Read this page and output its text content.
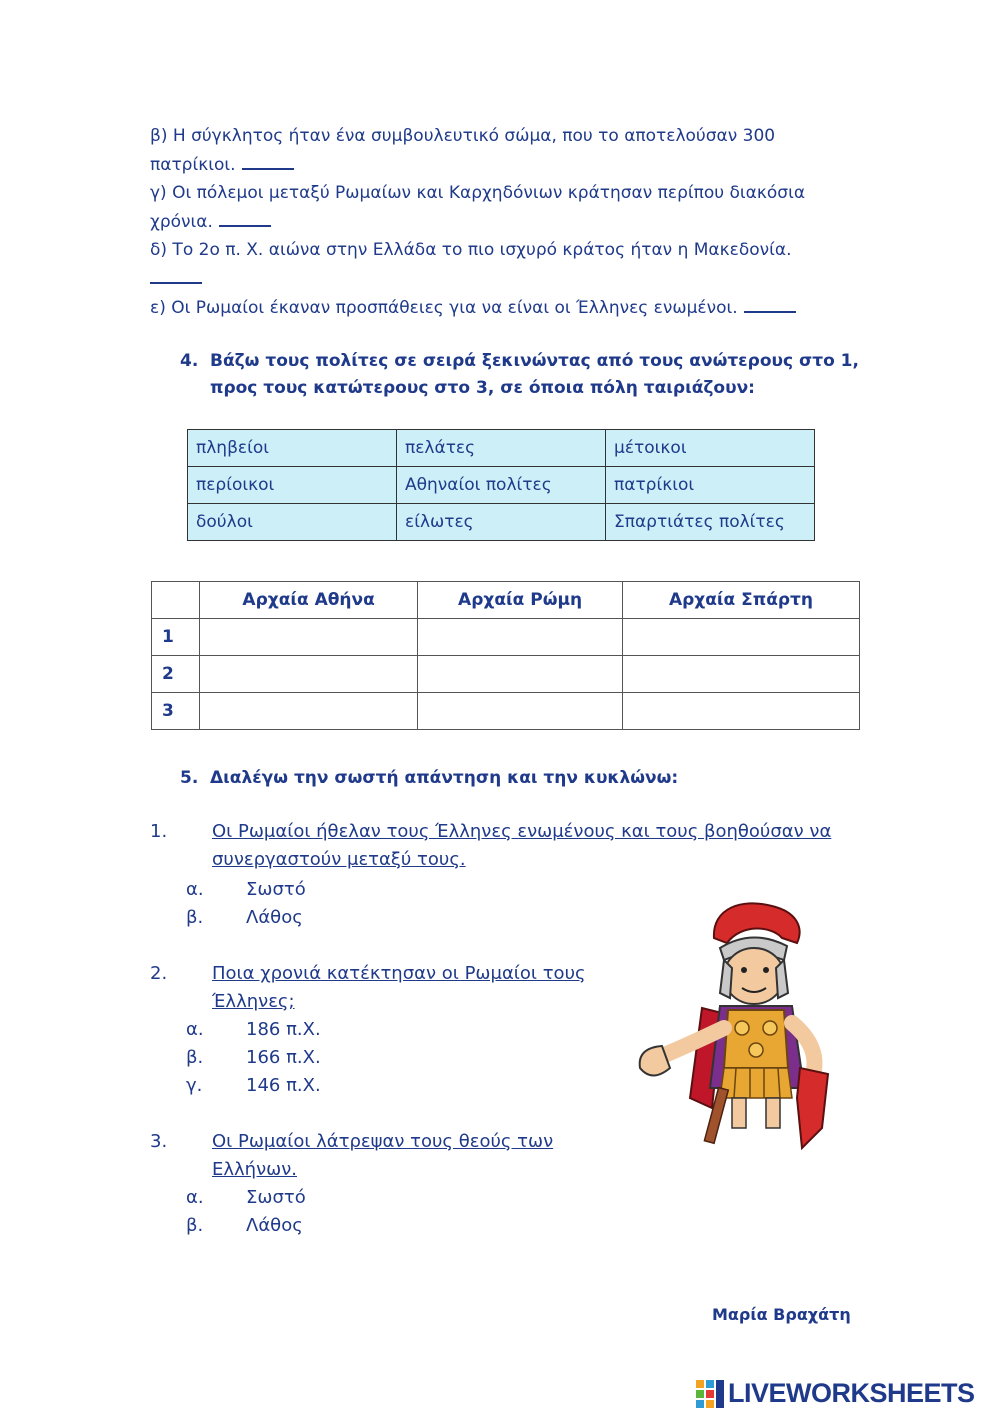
β) Η σύγκλητος ήταν ένα συμβουλευτικό σώμα, που το αποτελούσαν 300
πατρίκιοι.
γ) Οι πόλεμοι μεταξύ Ρωμαίων και Καρχηδόνιων κράτησαν περίπου διακόσια
χρόνια.
δ) Το 2ο π. Χ. αιώνα στην Ελλάδα το πιο ισχυρό κράτος ήταν η Μακεδονία.
ε) Οι Ρωμαίοι έκαναν προσπάθειες για να είναι οι Έλληνες ενωμένοι.
4. Βάζω τους πολίτες σε σειρά ξεκινώντας από τους ανώτερους στο 1,
προς τους κατώτερους στο 3, σε όποια πόλη ταιριάζουν:
πληβείοι	πελάτες	μέτοικοι
περίοικοι	Αθηναίοι πολίτες	πατρίκιοι
δούλοι	είλωτες	Σπαρτιάτες πολίτες
	Αρχαία Αθήνα	Αρχαία Ρώμη	Αρχαία Σπάρτη
1			
2			
3			
5. Διαλέγω την σωστή απάντηση και την κυκλώνω:
1. Οι Ρωμαίοι ήθελαν τους Έλληνες ενωμένους και τους βοηθούσαν να
συνεργαστούν μεταξύ τους.
α. Σωστό
β. Λάθος
2. Ποια χρονιά κατέκτησαν οι Ρωμαίοι τους
Έλληνες;
α. 186 π.Χ.
β. 166 π.Χ.
γ. 146 π.Χ.
3. Οι Ρωμαίοι λάτρεψαν τους θεούς των
Ελλήνων.
α. Σωστό
β. Λάθος
Μαρία Βραχάτη
LIVEWORKSHEETS
